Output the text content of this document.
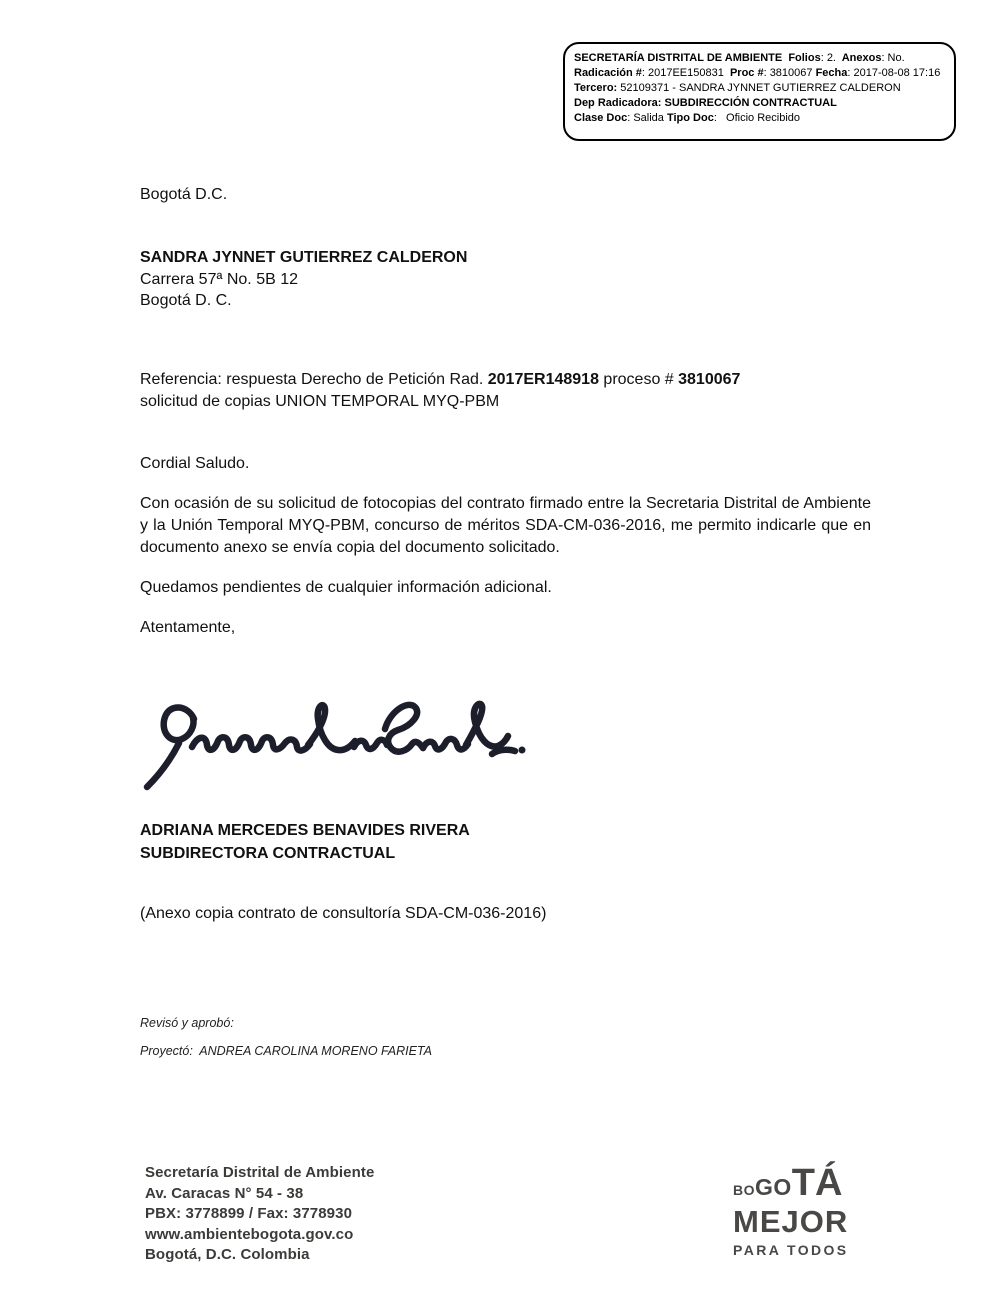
SECRETARÍA DISTRITAL DE AMBIENTE  Folios: 2.  Anexos: No.
Radicación #: 2017EE150831  Proc #: 3810067 Fecha: 2017-08-08 17:16
Tercero: 52109371 - SANDRA JYNNET GUTIERREZ CALDERON
Dep Radicadora: SUBDIRECCIÓN CONTRACTUAL
Clase Doc: Salida Tipo Doc:   Oficio Recibido
Bogotá D.C.
SANDRA JYNNET GUTIERREZ CALDERON
Carrera 57ª No. 5B 12
Bogotá D. C.
Referencia: respuesta Derecho de Petición Rad. 2017ER148918 proceso # 3810067
solicitud de copias UNION TEMPORAL MYQ-PBM
Cordial Saludo.
Con ocasión de su solicitud de fotocopias del contrato firmado entre la Secretaria Distrital de Ambiente y la Unión Temporal MYQ-PBM, concurso de méritos SDA-CM-036-2016, me permito indicarle que en documento anexo se envía copia del documento solicitado.
Quedamos pendientes de cualquier información adicional.
Atentamente,
ADRIANA MERCEDES BENAVIDES RIVERA
SUBDIRECTORA CONTRACTUAL
(Anexo copia contrato de consultoría SDA-CM-036-2016)
Revisó y aprobó:
Proyectó:  ANDREA CAROLINA MORENO FARIETA
Secretaría Distrital de Ambiente
Av. Caracas N° 54 - 38
PBX: 3778899 / Fax: 3778930
www.ambientebogota.gov.co
Bogotá, D.C. Colombia
BOGOTÁ
MEJOR
PARA TODOS
